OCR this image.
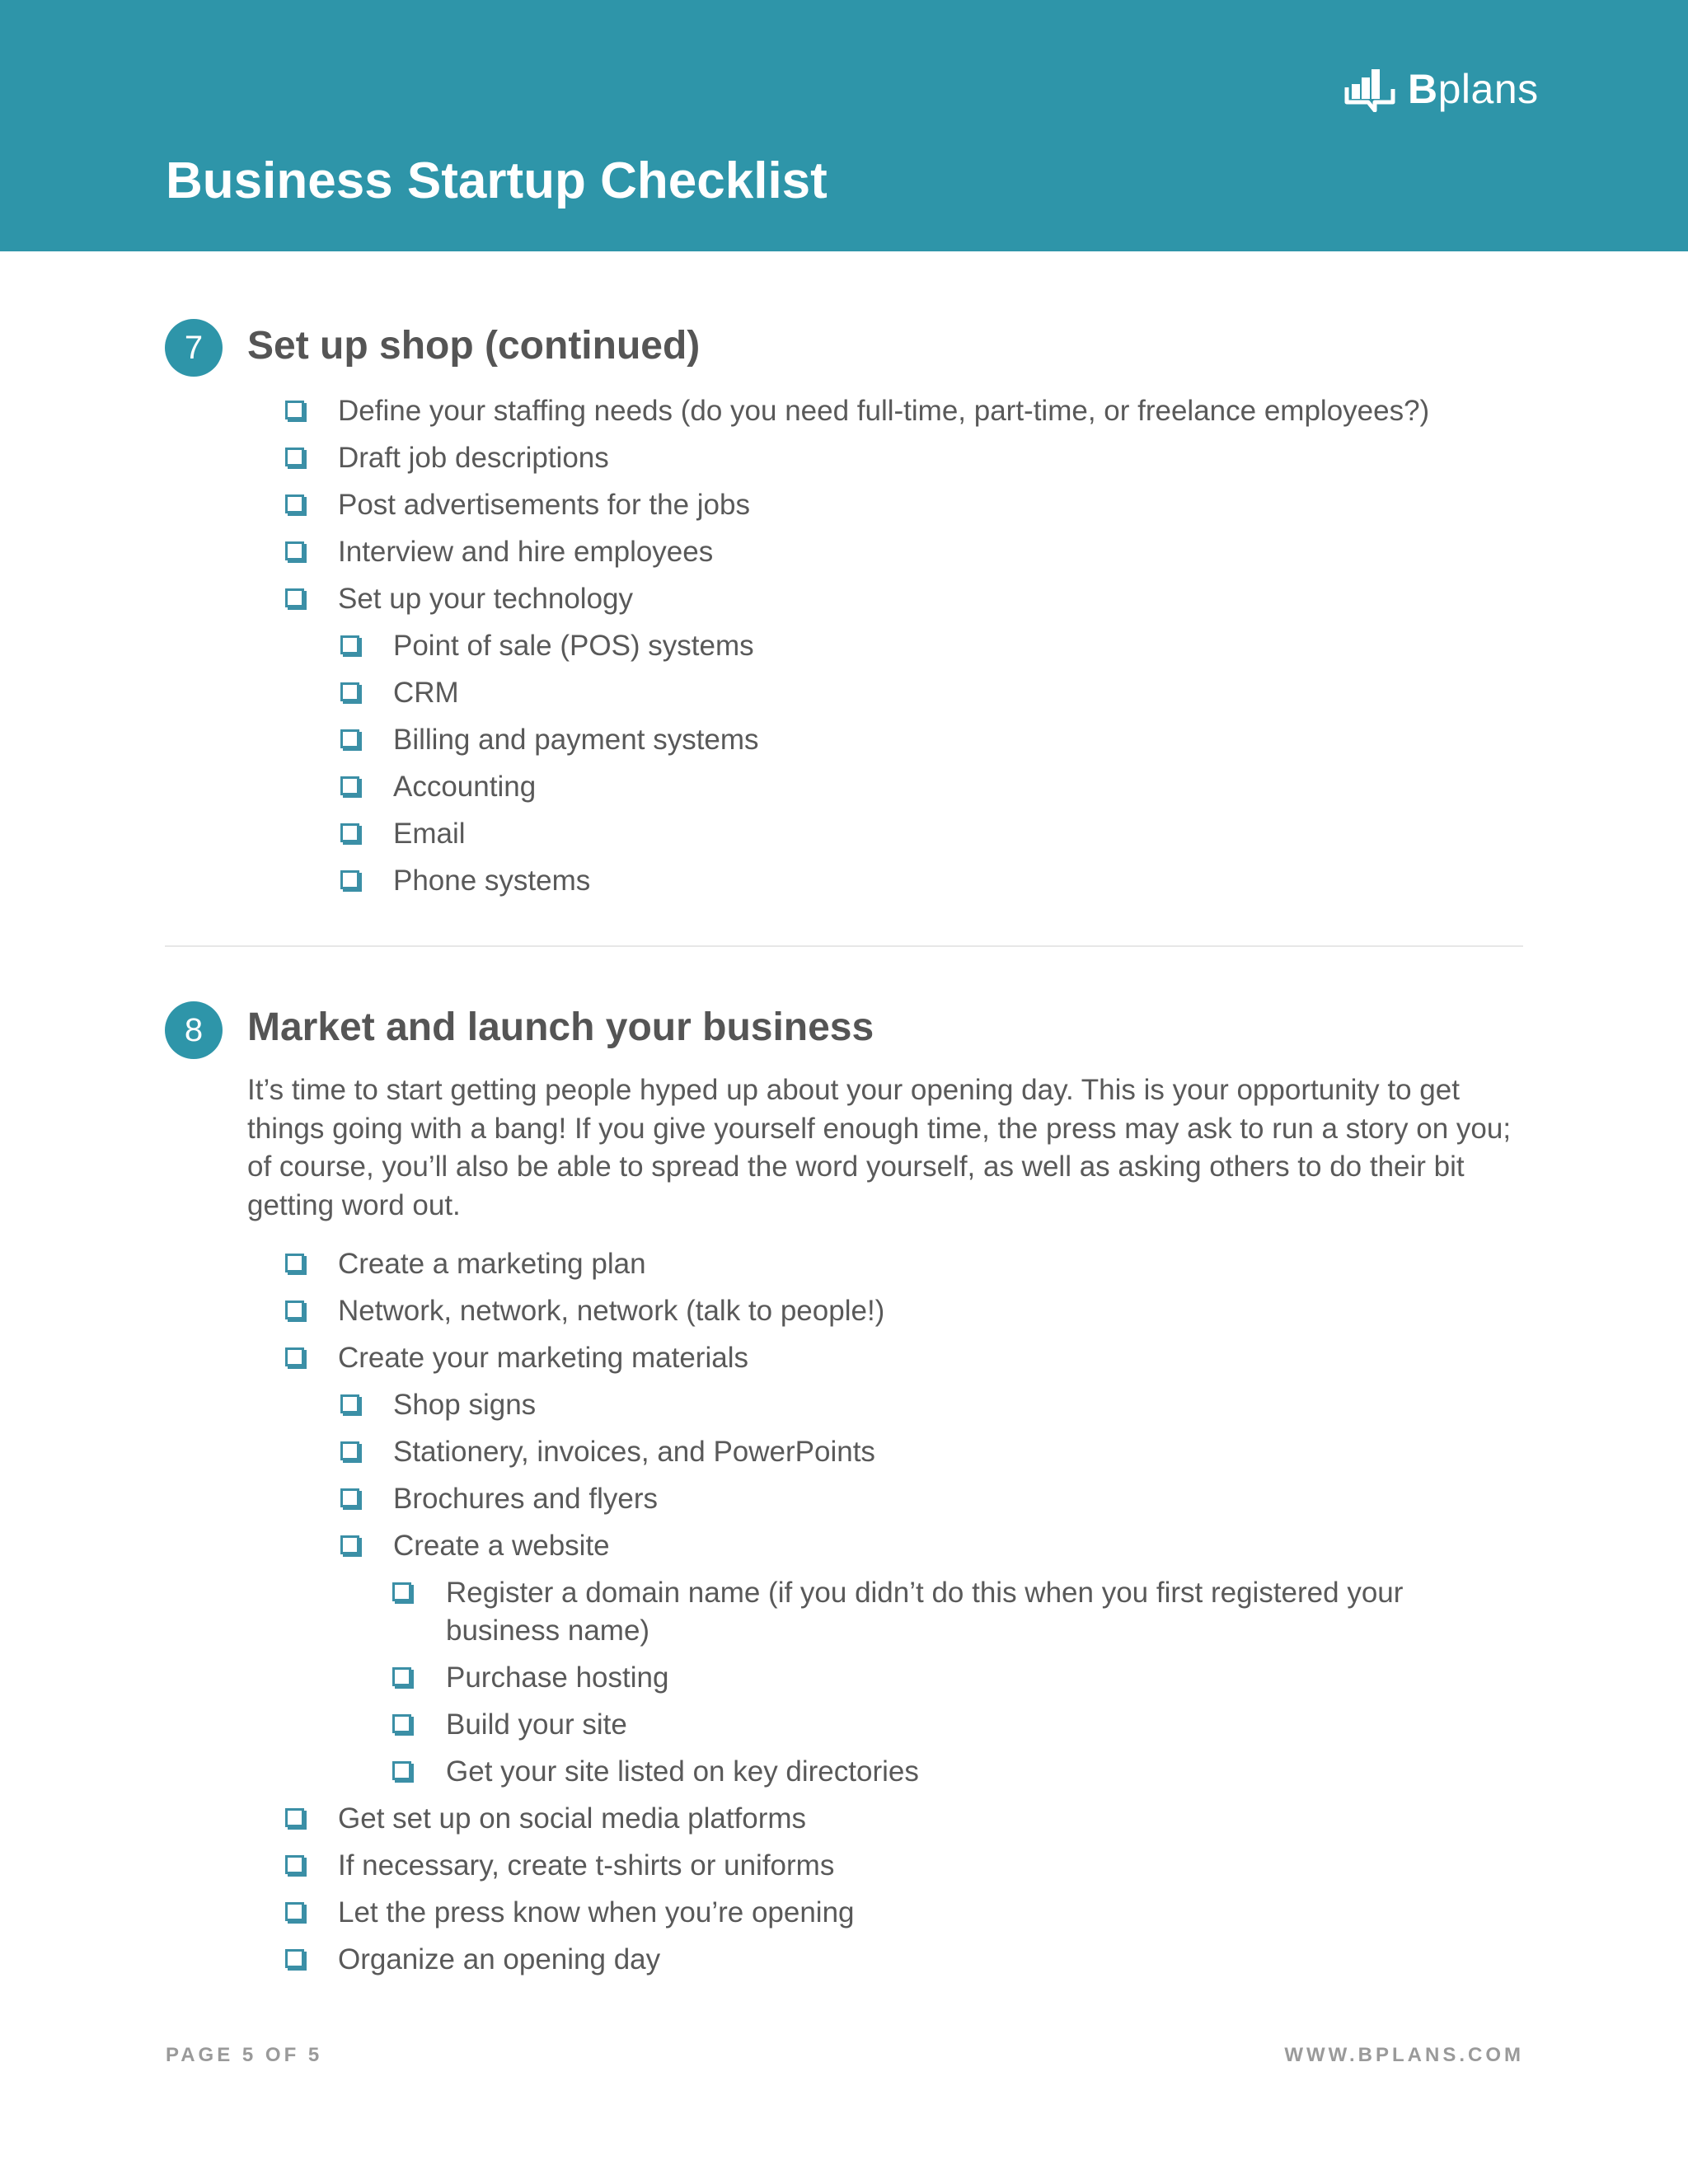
Bplans
Business Startup Checklist
7	Set up shop (continued)
Define your staffing needs (do you need full-time, part-time, or freelance employees?)
Draft job descriptions
Post advertisements for the jobs
Interview and hire employees
Set up your technology
Point of sale (POS) systems
CRM
Billing and payment systems
Accounting
Email
Phone systems
8	Market and launch your business

It’s time to start getting people hyped up about your opening day. This is your opportunity to get things going with a bang! If you give yourself enough time, the press may ask to run a story on you; of course, you’ll also be able to spread the word yourself, as well as asking others to do their bit getting word out.

Create a marketing plan
Network, network, network (talk to people!)
Create your marketing materials
Shop signs
Stationery, invoices, and PowerPoints
Brochures and flyers
Create a website
Register a domain name (if you didn’t do this when you first registered your business name)
Purchase hosting
Build your site
Get your site listed on key directories
Get set up on social media platforms
If necessary, create t-shirts or uniforms
Let the press know when you’re opening
Organize an opening day
PAGE 5 OF 5	WWW.BPLANS.COM
